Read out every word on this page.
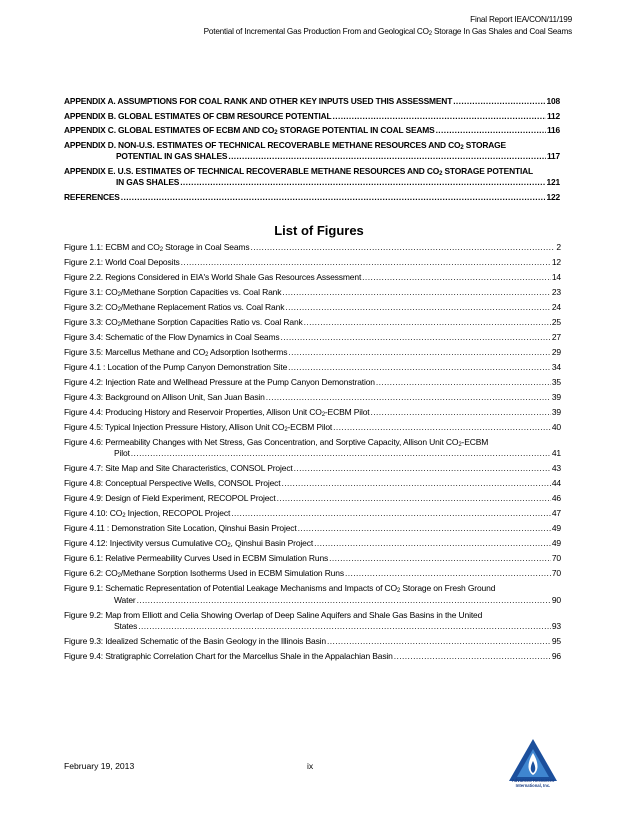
Final Report IEA/CON/11/199
Potential of Incremental Gas Production From and Geological $CO_2$ Storage In Gas Shales and Coal Seams
APPENDIX A. ASSUMPTIONS FOR COAL RANK AND OTHER KEY INPUTS USED THIS ASSESSMENT .....	108
APPENDIX B. GLOBAL ESTIMATES OF CBM RESOURCE POTENTIAL .....	112
APPENDIX C. GLOBAL ESTIMATES OF ECBM AND $CO_2$ STORAGE POTENTIAL IN COAL SEAMS .....	116
APPENDIX D. NON-U.S. ESTIMATES OF TECHNICAL RECOVERABLE METHANE RESOURCES AND $CO_2$ STORAGE
POTENTIAL IN GAS SHALES .....	117
APPENDIX E. U.S. ESTIMATES OF TECHNICAL RECOVERABLE METHANE RESOURCES AND $CO_2$ STORAGE POTENTIAL
IN GAS SHALES .....	121
REFERENCES .....	122
List of Figures
Figure 1.1: ECBM and $CO_2$ Storage in Coal Seams .....	2
Figure 2.1: World Coal Deposits .....	12
Figure 2.2. Regions Considered in EIA's World Shale Gas Resources Assessment .....	14
Figure 3.1: $CO_2$/Methane Sorption Capacities vs. Coal Rank .....	23
Figure 3.2: $CO_2$/Methane Replacement Ratios vs. Coal Rank .....	24
Figure 3.3: $CO_2$/Methane Sorption Capacities Ratio vs. Coal Rank .....	25
Figure 3.4: Schematic of the Flow Dynamics in Coal Seams .....	27
Figure 3.5: Marcellus Methane and $CO_2$ Adsorption Isotherms .....	29
Figure 4.1 : Location of the Pump Canyon Demonstration Site .....	34
Figure 4.2: Injection Rate and Wellhead Pressure at the Pump Canyon Demonstration .....	35
Figure 4.3: Background on Allison Unit, San Juan Basin .....	39
Figure 4.4: Producing History and Reservoir Properties, Allison Unit $CO_2$-ECBM Pilot .....	39
Figure 4.5: Typical Injection Pressure History, Allison Unit $CO_2$-ECBM Pilot .....	40
Figure 4.6: Permeability Changes with Net Stress, Gas Concentration, and Sorptive Capacity, Allison Unit $CO_2$-ECBM
Pilot .....	41
Figure 4.7: Site Map and Site Characteristics, CONSOL Project .....	43
Figure 4.8: Conceptual Perspective Wells, CONSOL Project .....	44
Figure 4.9: Design of Field Experiment, RECOPOL Project .....	46
Figure 4.10: $CO_2$ Injection, RECOPOL Project .....	47
Figure 4.11 : Demonstration Site Location, Qinshui Basin Project .....	49
Figure 4.12: Injectivity versus Cumulative $CO_2$, Qinshui Basin Project .....	49
Figure 6.1: Relative Permeability Curves Used in ECBM Simulation Runs .....	70
Figure 6.2: $CO_2$/Methane Sorption Isotherms Used in ECBM Simulation Runs .....	70
Figure 9.1: Schematic Representation of Potential Leakage Mechanisms and Impacts of $CO_2$ Storage on Fresh Ground
Water .....	90
Figure 9.2: Map from Elliott and Celia Showing Overlap of Deep Saline Aquifers and Shale Gas Basins in the United
States .....	93
Figure 9.3: Idealized Schematic of the Basin Geology in the Illinois Basin .....	95
Figure 9.4: Stratigraphic Correlation Chart for the Marcellus Shale in the Appalachian Basin .....	96
February 19, 2013	ix
Advanced Resources
International, Inc.
